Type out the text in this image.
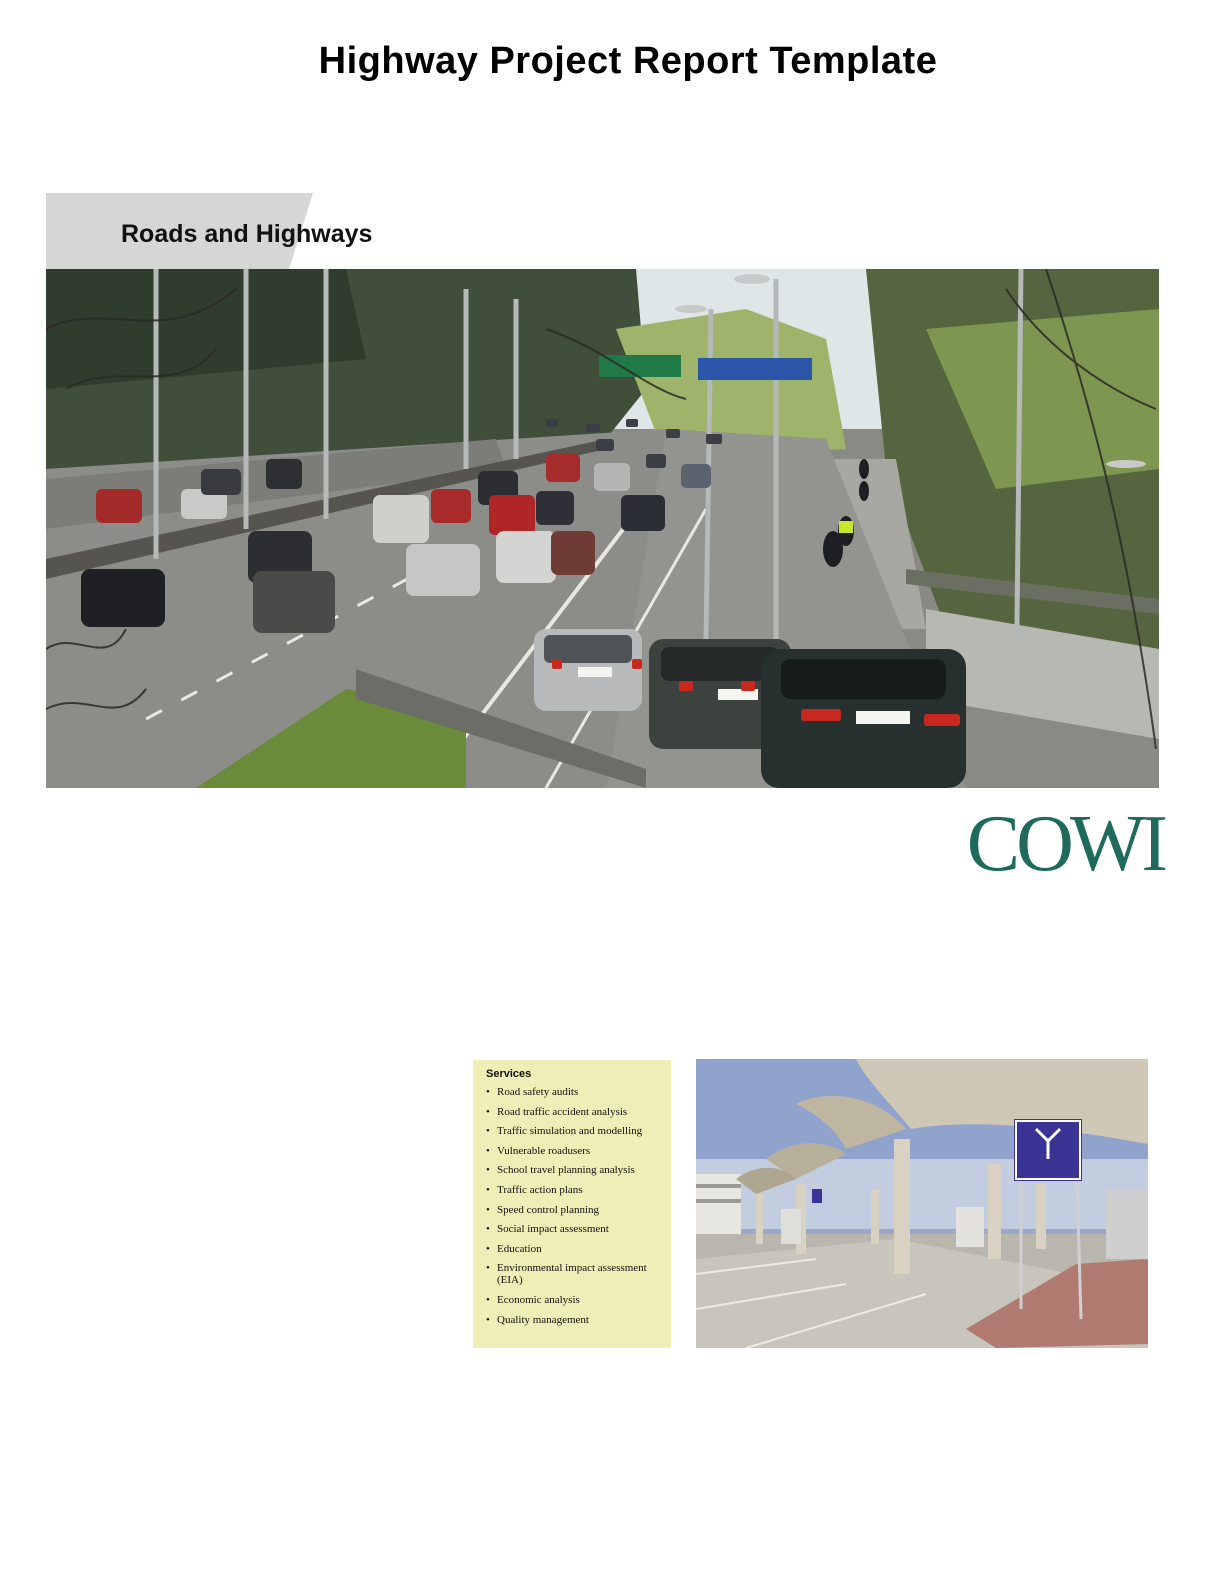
Highway Project Report Template
Roads and Highways
COWI
Services
• Road safety audits
• Road traffic accident analysis
• Traffic simulation and modelling
• Vulnerable roadusers
• School travel planning analysis
• Traffic action plans
• Speed control planning
• Social impact assessment
• Education
• Environmental impact assessment (EIA)
• Economic analysis
• Quality management
